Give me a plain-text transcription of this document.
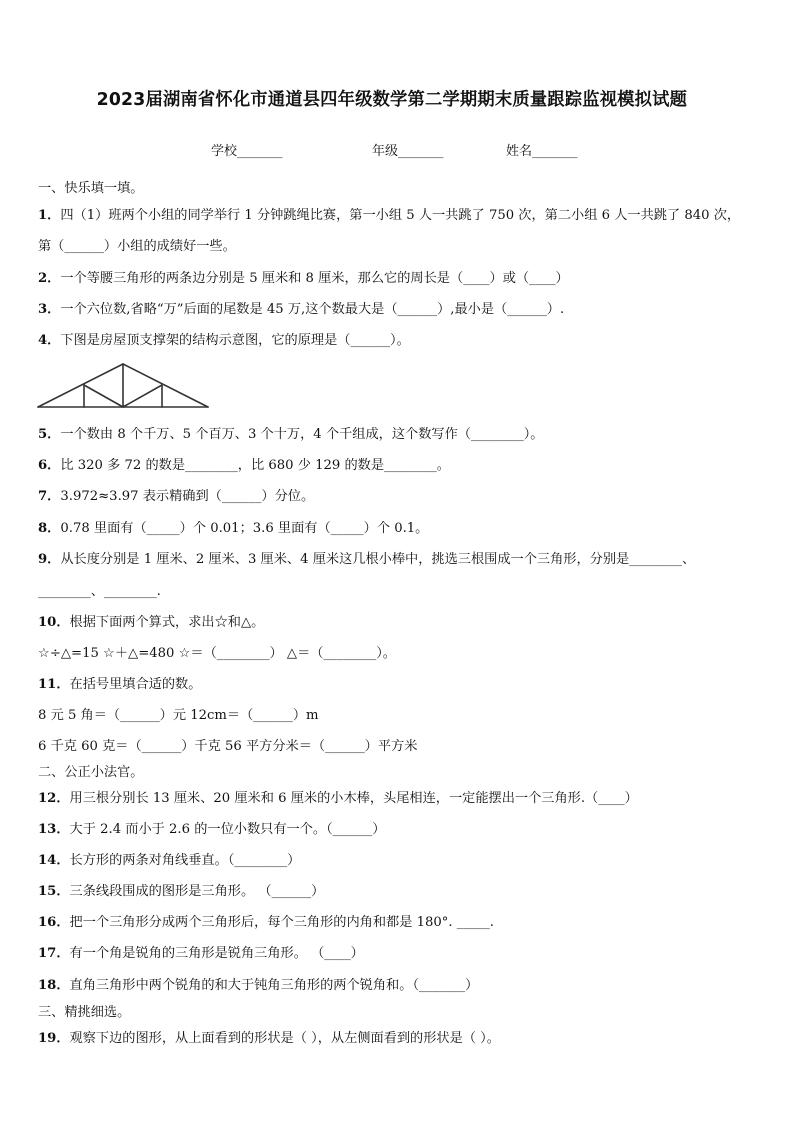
2023届湖南省怀化市通道县四年级数学第二学期期末质量跟踪监视模拟试题
学校_______	年级_______	姓名_______
一、快乐填一填。
1．四（1）班两个小组的同学举行 1 分钟跳绳比赛，第一小组 5 人一共跳了 750 次，第二小组 6 人一共跳了 840 次，
第（______）小组的成绩好一些。
2．一个等腰三角形的两条边分别是 5 厘米和 8 厘米，那么它的周长是（____）或（____）
3．一个六位数,省略“万”后面的尾数是 45 万,这个数最大是（______）,最小是（______）.
4．下图是房屋顶支撑架的结构示意图，它的原理是（______）。
5．一个数由 8 个千万、5 个百万、3 个十万，4 个千组成，这个数写作（________）。
6．比 320 多 72 的数是________，比 680 少 129 的数是________。
7．3.972≈3.97 表示精确到（______）分位。
8．0.78 里面有（_____）个 0.01；3.6 里面有（_____）个 0.1。
9．从长度分别是 1 厘米、2 厘米、3 厘米、4 厘米这几根小棒中，挑选三根围成一个三角形，分别是________、
________、________.
10．根据下面两个算式，求出☆和△。
☆÷△=15 ☆＋△=480 ☆＝（________） △＝（________）。
11．在括号里填合适的数。
8 元 5 角＝（______）元 12cm＝（______）m
6 千克 60 克＝（______）千克 56 平方分米＝（______）平方米
二、公正小法官。
12．用三根分别长 13 厘米、20 厘米和 6 厘米的小木棒，头尾相连，一定能摆出一个三角形.（____）
13．大于 2.4 而小于 2.6 的一位小数只有一个。（______）
14．长方形的两条对角线垂直。（________）
15．三条线段围成的图形是三角形。 （______）
16．把一个三角形分成两个三角形后，每个三角形的内角和都是 180°. _____.
17．有一个角是锐角的三角形是锐角三角形。 （____）
18．直角三角形中两个锐角的和大于钝角三角形的两个锐角和。（_______）
三、精挑细选。
19．观察下边的图形，从上面看到的形状是（ ），从左侧面看到的形状是（ ）。
